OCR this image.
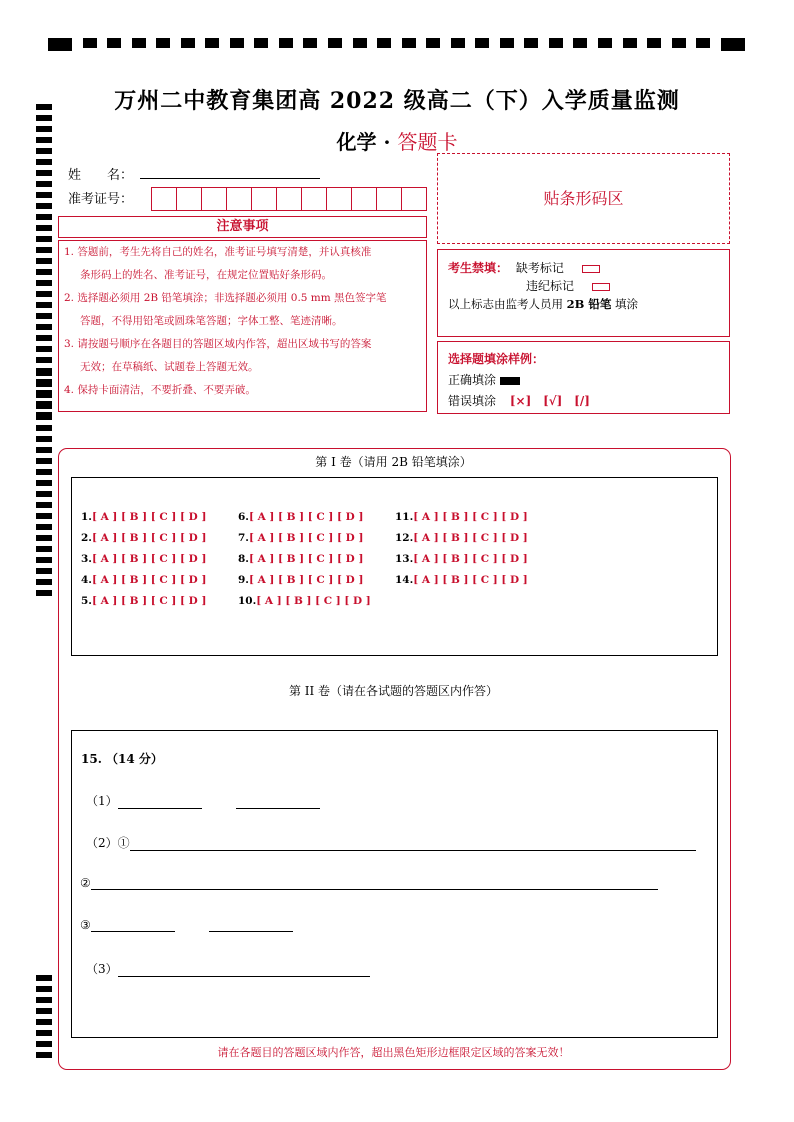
万州二中教育集团高 2022 级高二（下）入学质量监测
化学 · 答题卡
姓　　名：
准考证号：	贴条形码区
注意事项

1. 答题前，考生先将自己的姓名，准考证号填写清楚，并认真核准

条形码上的姓名、准考证号，在规定位置贴好条形码。

2. 选择题必须用 2B 铅笔填涂；非选择题必须用 0.5 mm 黑色签字笔

答题，不得用铅笔或圆珠笔答题；字体工整、笔迹清晰。

3. 请按题号顺序在各题目的答题区域内作答，超出区域书写的答案

无效；在草稿纸、试题卷上答题无效。

4. 保持卡面清洁，不要折叠、不要弄破。

考生禁填： 缺考标记
违纪标记
以上标志由监考人员用 2B 铅笔 填涂
选择题填涂样例：
正确填涂
错误填涂 [×] [√] [/]
第 I 卷（请用 2B 铅笔填涂）
1.[ A ] [ B ] [ C ] [ D ]
2.[ A ] [ B ] [ C ] [ D ]
3.[ A ] [ B ] [ C ] [ D ]
4.[ A ] [ B ] [ C ] [ D ]
5.[ A ] [ B ] [ C ] [ D ]
6.[ A ] [ B ] [ C ] [ D ]
7.[ A ] [ B ] [ C ] [ D ]
8.[ A ] [ B ] [ C ] [ D ]
9.[ A ] [ B ] [ C ] [ D ]
10.[ A ] [ B ] [ C ] [ D ]
11.[ A ] [ B ] [ C ] [ D ]
12.[ A ] [ B ] [ C ] [ D ]
13.[ A ] [ B ] [ C ] [ D ]
14.[ A ] [ B ] [ C ] [ D ]
第 II 卷（请在各试题的答题区内作答）
15. （14 分）
（1）
（2）①
②
③
（3）
请在各题目的答题区域内作答，超出黑色矩形边框限定区域的答案无效！
